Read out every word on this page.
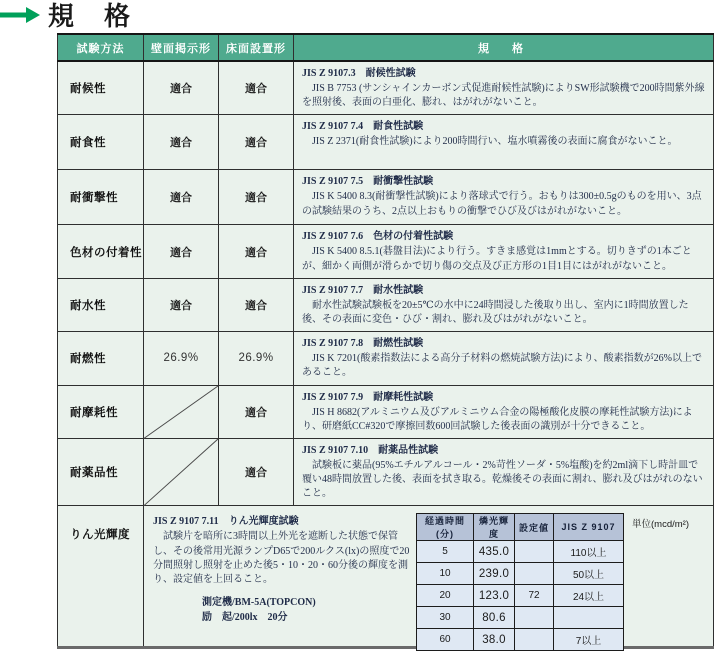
規　格
試験方法	壁面掲示形	床面設置形	規　格
耐候性	適合	適合	
JIS Z 9107.3　耐候性試験
JIS B 7753 (サンシャインカーボン式促進耐候性試験)によりSW形試験機で200時間紫外線を照射後、表面の白亜化、膨れ、はがれがないこと。

耐食性	適合	適合	
JIS Z 9107 7.4　耐食性試験
JIS Z 2371(耐食性試験)により200時間行い、塩水噴霧後の表面に腐食がないこと。

耐衝撃性	適合	適合	
JIS Z 9107 7.5　耐衝撃性試験
JIS K 5400 8.3(耐衝撃性試験)により落球式で行う。おもりは300±0.5gのものを用い、3点の試験結果のうち、2点以上おもりの衝撃でひび及びはがれがないこと。

色材の付着性	適合	適合	
JIS Z 9107 7.6　色材の付着性試験
JIS K 5400 8.5.1(碁盤目法)により行う。すきま感覚は1mmとする。切りきずの1本ごとが、細かく両側が滑らかで切り傷の交点及び正方形の1目1目にはがれがないこと。

耐水性	適合	適合	
JIS Z 9107 7.7　耐水性試験
耐水性試験試験板を20±5℃の水中に24時間浸した後取り出し、室内に1時間放置した後、その表面に変色・ひび・割れ、膨れ及びはがれがないこと。

耐燃性	26.9%	26.9%	
JIS Z 9107 7.8　耐燃性試験
JIS K 7201(酸素指数法による高分子材料の燃焼試験方法)により、酸素指数が26%以上であること。

耐摩耗性		適合	
JIS Z 9107 7.9　耐摩耗性試験
JIS H 8682(アルミニウム及びアルミニウム合金の陽極酸化皮膜の摩耗性試験方法)により、研磨紙CC#320で摩擦回数600回試験した後表面の識別が十分できること。

耐薬品性		適合	
JIS Z 9107 7.10　耐薬品性試験
試験板に薬品(95%エチルアルコール・2%苛性ソーダ・5%塩酸)を約2ml滴下し時計皿で覆い48時間放置した後、表面を拭き取る。乾燥後その表面に割れ、膨れ及びはがれのないこと。

りん光輝度	
JIS Z 9107 7.11　りん光輝度試験
試験片を暗所に3時間以上外光を遮断した状態で保管し、その後常用光源ランプD65で200ルクス(lx)の照度で20分間照射し照射を止めた後5・10・20・60分後の輝度を測り、設定値を上回ること。
測定機/BM-5A(TOPCON)
励　起/200lx　20分
経過時間(分)	燐光輝度	設定値	JIS Z 9107
5	435.0		110以上
10	239.0		50以上
20	123.0	72	24以上
30	80.6		
60	38.0		7以上
単位(mcd/m²)
